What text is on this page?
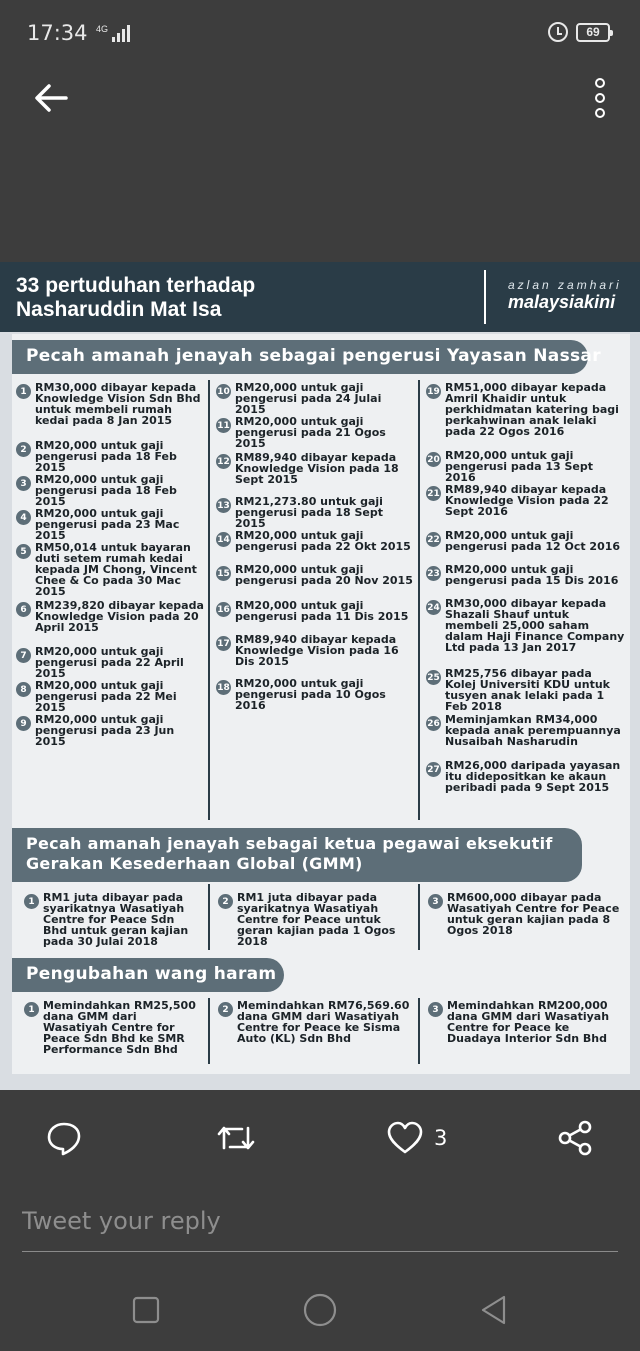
17:34 4G	69
33 pertuduhan terhadap
Nasharuddin Mat Isa
azlan zamhari
malaysiakini
Pecah amanah jenayah sebagai pengerusi Yayasan Nassar
1 RM30,000 dibayar kepada Knowledge Vision Sdn Bhd untuk membeli rumah kedai pada 8 Jan 2015
2 RM20,000 untuk gaji pengerusi pada 18 Feb 2015
3 RM20,000 untuk gaji pengerusi pada 18 Feb 2015
4 RM20,000 untuk gaji pengerusi pada 23 Mac 2015
5 RM50,014 untuk bayaran duti setem rumah kedai kepada JM Chong, Vincent Chee & Co pada 30 Mac 2015
6 RM239,820 dibayar kepada Knowledge Vision pada 20 April 2015
7 RM20,000 untuk gaji pengerusi pada 22 April 2015
8 RM20,000 untuk gaji pengerusi pada 22 Mei 2015
9 RM20,000 untuk gaji pengerusi pada 23 Jun 2015
10 RM20,000 untuk gaji pengerusi pada 24 Julai 2015
11 RM20,000 untuk gaji pengerusi pada 21 Ogos 2015
12 RM89,940 dibayar kepada Knowledge Vision pada 18 Sept 2015
13 RM21,273.80 untuk gaji pengerusi pada 18 Sept 2015
14 RM20,000 untuk gaji pengerusi pada 22 Okt 2015
15 RM20,000 untuk gaji pengerusi pada 20 Nov 2015
16 RM20,000 untuk gaji pengerusi pada 11 Dis 2015
17 RM89,940 dibayar kepada Knowledge Vision pada 16 Dis 2015
18 RM20,000 untuk gaji pengerusi pada 10 Ogos 2016
19 RM51,000 dibayar kepada Amril Khaidir untuk perkhidmatan katering bagi perkahwinan anak lelaki pada 22 Ogos 2016
20 RM20,000 untuk gaji pengerusi pada 13 Sept 2016
21 RM89,940 dibayar kepada Knowledge Vision pada 22 Sept 2016
22 RM20,000 untuk gaji pengerusi pada 12 Oct 2016
23 RM20,000 untuk gaji pengerusi pada 15 Dis 2016
24 RM30,000 dibayar kepada Shazali Shauf untuk membeli 25,000 saham dalam Haji Finance Company Ltd pada 13 Jan 2017
25 RM25,756 dibayar pada Kolej Universiti KDU untuk tusyen anak lelaki pada 1 Feb 2018
26 Meminjamkan RM34,000 kepada anak perempuannya Nusaibah Nasharudin
27 RM26,000 daripada yayasan itu didepositkan ke akaun peribadi pada 9 Sept 2015
Pecah amanah jenayah sebagai ketua pegawai eksekutif Gerakan Kesederhaan Global (GMM)
1 RM1 juta dibayar pada syarikatnya Wasatiyah Centre for Peace Sdn Bhd untuk geran kajian pada 30 Julai 2018
2 RM1 juta dibayar pada syarikatnya Wasatiyah Centre for Peace untuk geran kajian pada 1 Ogos 2018
3 RM600,000 dibayar pada Wasatiyah Centre for Peace untuk geran kajian pada 8 Ogos 2018
Pengubahan wang haram
1 Memindahkan RM25,500 dana GMM dari Wasatiyah Centre for Peace Sdn Bhd ke SMR Performance Sdn Bhd
2 Memindahkan RM76,569.60 dana GMM dari Wasatiyah Centre for Peace ke Sisma Auto (KL) Sdn Bhd
3 Memindahkan RM200,000 dana GMM dari Wasatiyah Centre for Peace ke Duadaya Interior Sdn Bhd
3
Tweet your reply
